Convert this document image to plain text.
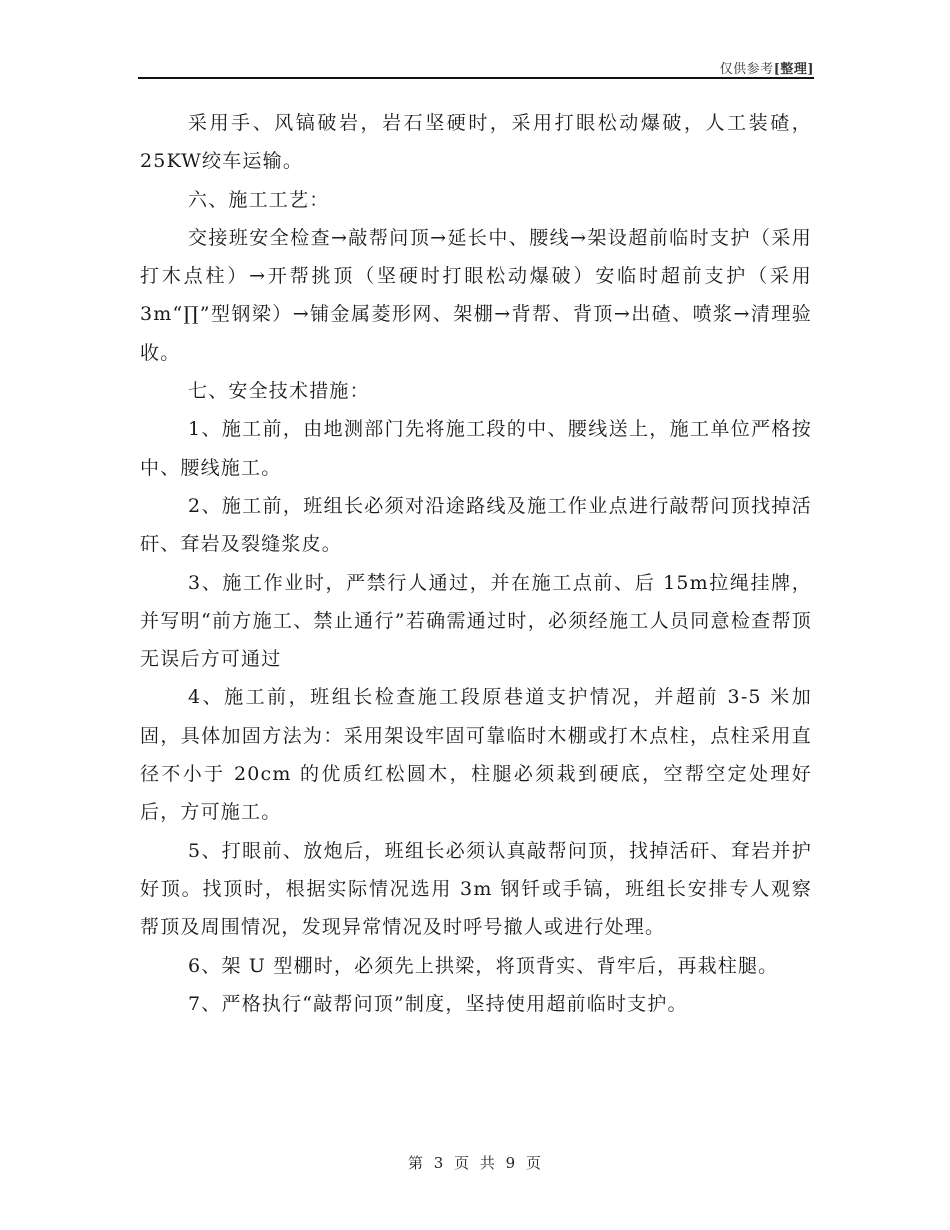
仅供参考[整理]

采用手、风镐破岩，岩石坚硬时，采用打眼松动爆破，人工装碴，25KW绞车运输。

六、施工工艺：

交接班安全检查→敲帮问顶→延长中、腰线→架设超前临时支护（采用打木点柱）→开帮挑顶（坚硬时打眼松动爆破）安临时超前支护（采用 3m“∏”型钢梁）→铺金属菱形网、架棚→背帮、背顶→出碴、喷浆→清理验收。

七、安全技术措施：

1、施工前，由地测部门先将施工段的中、腰线送上，施工单位严格按中、腰线施工。

2、施工前，班组长必须对沿途路线及施工作业点进行敲帮问顶找掉活矸、耷岩及裂缝浆皮。

3、施工作业时，严禁行人通过，并在施工点前、后 15m拉绳挂牌，并写明“前方施工、禁止通行”若确需通过时，必须经施工人员同意检查帮顶无误后方可通过

4、施工前，班组长检查施工段原巷道支护情况，并超前 3-5 米加固，具体加固方法为：采用架设牢固可靠临时木棚或打木点柱，点柱采用直径不小于 20cm 的优质红松圆木，柱腿必须栽到硬底，空帮空定处理好后，方可施工。

5、打眼前、放炮后，班组长必须认真敲帮问顶，找掉活矸、耷岩并护好顶。找顶时，根据实际情况选用 3m 钢钎或手镐，班组长安排专人观察帮顶及周围情况，发现异常情况及时呼号撤人或进行处理。

6、架 U 型棚时，必须先上拱梁，将顶背实、背牢后，再栽柱腿。

7、严格执行“敲帮问顶”制度，坚持使用超前临时支护。

第 3 页 共 9 页
